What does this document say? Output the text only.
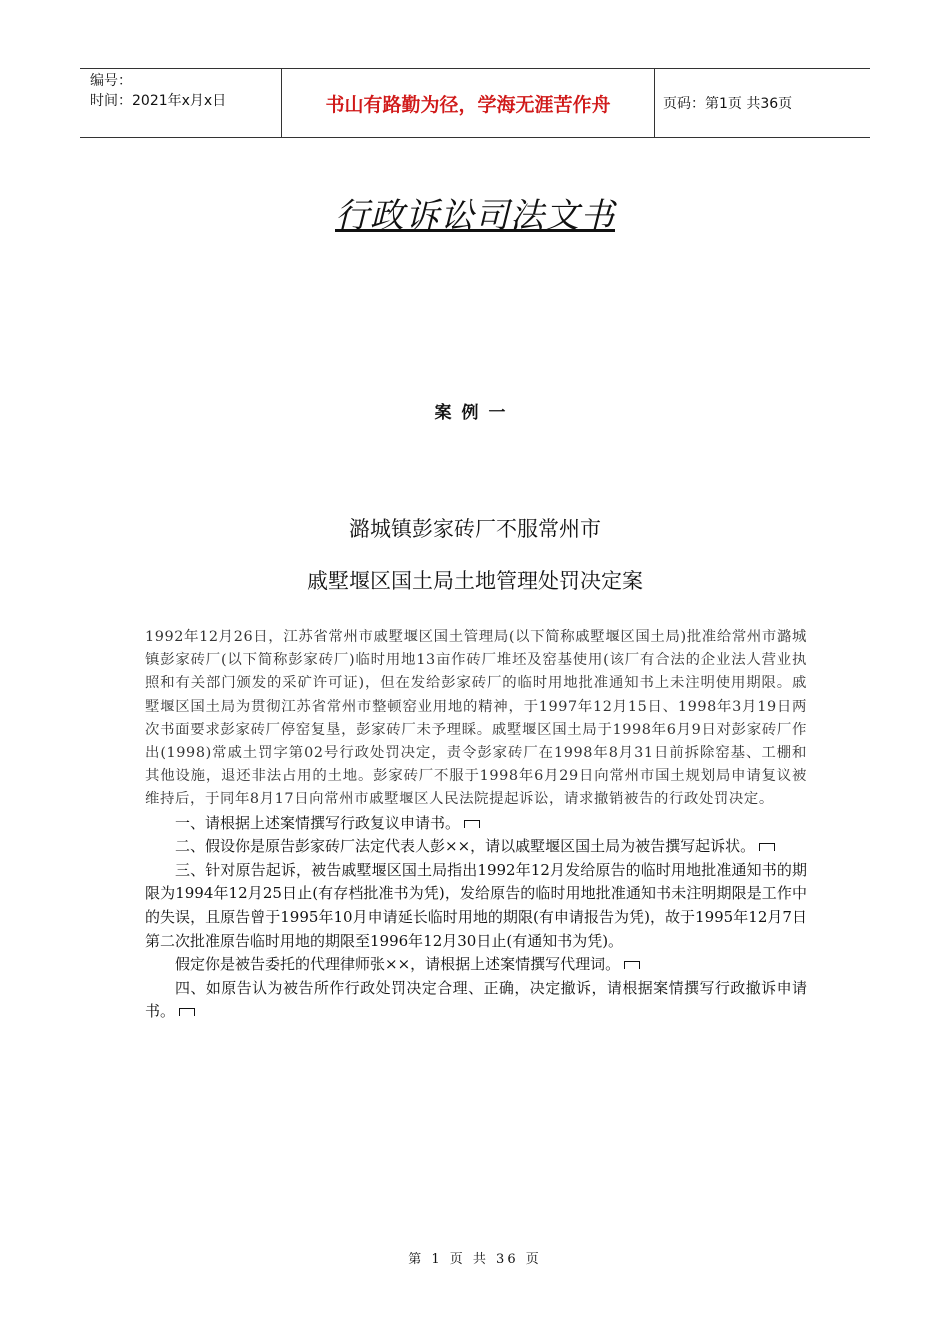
编号：
时间：2021年x月x日	书山有路勤为径，学海无涯苦作舟	页码：第1页 共36页
行政诉讼司法文书
案例一
潞城镇彭家砖厂不服常州市
戚墅堰区国土局土地管理处罚决定案

1992年12月26日，江苏省常州市戚墅堰区国土管理局(以下简称戚墅堰区国土局)批准给常州市潞城镇彭家砖厂(以下简称彭家砖厂)临时用地13亩作砖厂堆坯及窑基使用(该厂有合法的企业法人营业执照和有关部门颁发的采矿许可证)，但在发给彭家砖厂的临时用地批准通知书上未注明使用期限。戚墅堰区国土局为贯彻江苏省常州市整顿窑业用地的精神，于1997年12月15日、1998年3月19日两次书面要求彭家砖厂停窑复垦，彭家砖厂未予理睬。戚墅堰区国土局于1998年6月9日对彭家砖厂作出(1998)常戚土罚字第02号行政处罚决定，责令彭家砖厂在1998年8月31日前拆除窑基、工棚和其他设施，退还非法占用的土地。彭家砖厂不服于1998年6月29日向常州市国土规划局申请复议被维持后，于同年8月17日向常州市戚墅堰区人民法院提起诉讼，请求撤销被告的行政处罚决定。

一、请根据上述案情撰写行政复议申请书。

二、假设你是原告彭家砖厂法定代表人彭××，请以戚墅堰区国土局为被告撰写起诉状。

三、针对原告起诉，被告戚墅堰区国土局指出1992年12月发给原告的临时用地批准通知书的期限为1994年12月25日止(有存档批准书为凭)，发给原告的临时用地批准通知书未注明期限是工作中的失误，且原告曾于1995年10月申请延长临时用地的期限(有申请报告为凭)，故于1995年12月7日第二次批准原告临时用地的期限至1996年12月30日止(有通知书为凭)。

假定你是被告委托的代理律师张××，请根据上述案情撰写代理词。

四、如原告认为被告所作行政处罚决定合理、正确，决定撤诉，请根据案情撰写行政撤诉申请书。

第 1 页 共 36 页
